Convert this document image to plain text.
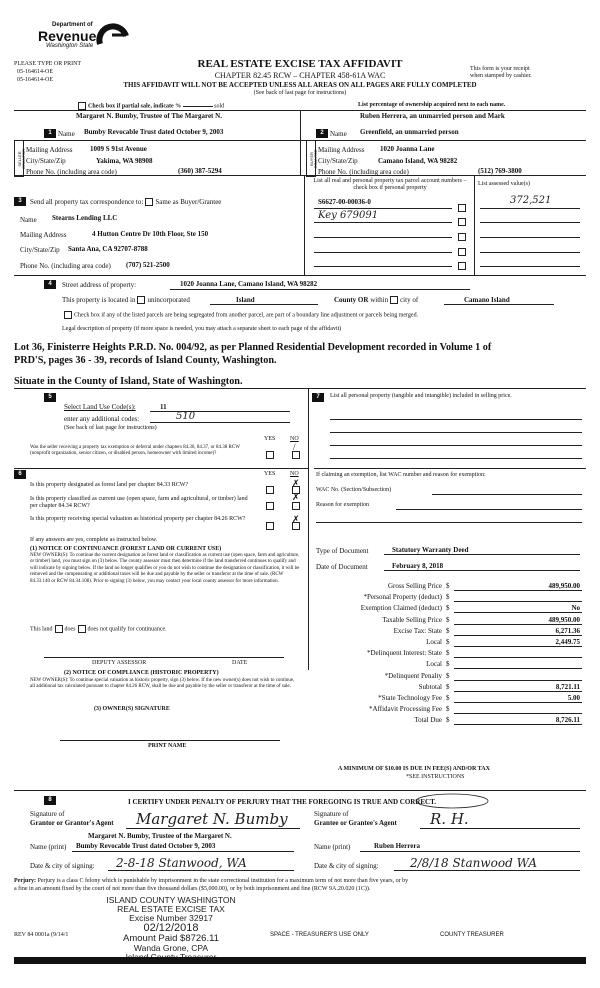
Department of
Revenue
Washington State
PLEASE TYPE OR PRINT
05-164614-OE
05-164614-OE
REAL ESTATE EXCISE TAX AFFIDAVIT
CHAPTER 82.45 RCW – CHAPTER 458-61A WAC
THIS AFFIDAVIT WILL NOT BE ACCEPTED UNLESS ALL AREAS ON ALL PAGES ARE FULLY COMPLETED
(See back of last page for instructions)
This form is your receipt
when stamped by cashier.
Check box if partial sale, indicate %	sold	List percentage of ownership acquired next to each name.
SELLER GRANTOR
1 Name
Margaret N. Bumby, Trustee of The Margaret N.
Bumby Revocable Trust dated October 9, 2003
Mailing Address	1009 S 91st Avenue
City/State/Zip	Yakima, WA 98908
Phone No. (including area code)	(360) 387-5294
BUYER GRANTEE
2 Name
Ruben Herrera, an unmarried person and Mark
Greenfield, an unmarried person
Mailing Address 1020 Joanna Lane
City/State/Zip	Camano Island, WA 98282
Phone No. (including area code)	(512) 769-3800
3	Send all property tax correspondence to: Same as Buyer/Grantee
Name Stearns Lending LLC
Mailing Address	4 Hutton Centre Dr 10th Floor, Ste 150
City/State/Zip Santa Ana, CA 92707-8788
Phone No. (including area code) (707) 521-2500
List all real and personal property tax parcel account numbers – check box if personal property
List assessed value(s)
S6627-00-00036-0	372,521
Key 679091
4	Street address of property:	1020 Joanna Lane, Camano Island, WA 98282
This property is located in unincorporated	Island	County OR within city of	Camano Island
Check box if any of the listed parcels are being segregated from another parcel, are part of a boundary line adjustment or parcels being merged.
Legal description of property (if more space is needed, you may attach a separate sheet to each page of the affidavit)
Lot 36, Finisterre Heights P.R.D. No. 004/92, as per Planned Residential Development recorded in Volume 1 of
PRD'S, pages 36 - 39, records of Island County, Washington.
Situate in the County of Island, State of Washington.
5
Select Land Use Code(s):	11
enter any additional codes:	510
(See back of last page for instructions)
YES NO
Was the seller receiving a property tax exemption or deferral under chapters 84.36, 84.37, or 84.38 RCW (nonprofit organization, senior citizen, or disabled person, homeowner with limited income)?
/
6	YES NO
Is this property designated as forest land per chapter 84.33 RCW?	✗
Is this property classified as current use (open space, farm and agricultural, or timber) land per chapter 84.34 RCW?
✗
Is this property receiving special valuation as historical property per chapter 84.26 RCW?	✗
If any answers are yes, complete as instructed below.
(1) NOTICE OF CONTINUANCE (FOREST LAND OR CURRENT USE)
NEW OWNER(S): To continue the current designation as forest land or classification as current use (open space, farm and agriculture, or timber) land, you must sign on (3) below. The county assessor must then determine if the land transferred continues to qualify and will indicate by signing below. If the land no longer qualifies or you do not wish to continue the designation or classification, it will be removed and the compensating or additional taxes will be due and payable by the seller or transferor at the time of sale. (RCW 84.33.140 or RCW 84.34.108). Prior to signing (3) below, you may contact your local county assessor for more information.
This land does does not qualify for continuance.
DEPUTY ASSESSOR	DATE
(2) NOTICE OF COMPLIANCE (HISTORIC PROPERTY)
NEW OWNER(S): To continue special valuation as historic property, sign (3) below. If the new owner(s) does not wish to continue, all additional tax calculated pursuant to chapter 84.26 RCW, shall be due and payable by the seller or transferor at the time of sale.
(3) OWNER(S) SIGNATURE
PRINT NAME
7	List all personal property (tangible and intangible) included in selling price.
If claiming an exemption, list WAC number and reason for exemption:
WAC No. (Section/Subsection)
Reason for exemption
Type of Document	Statutory Warranty Deed
Date of Document	February 8, 2018
Gross Selling Price $	489,950.00
*Personal Property (deduct) $
Exemption Claimed (deduct) $	No
Taxable Selling Price $	489,950.00
Excise Tax: State $	6,271.36
Local $	2,449.75
*Delinquent Interest: State $
Local $
*Delinquent Penalty $
Subtotal $	8,721.11
*State Technology Fee $	5.00
*Affidavit Processing Fee $
Total Due $	8,726.11
A MINIMUM OF $10.00 IS DUE IN FEE(S) AND/OR TAX
*SEE INSTRUCTIONS
8	I CERTIFY UNDER PENALTY OF PERJURY THAT THE FOREGOING IS TRUE AND CORRECT.
Signature of
Grantor or Grantor's Agent Margaret N. Bumby	Signature of
Grantee or Grantee's Agent R. H.
Margaret N. Bumby, Trustee of the Margaret N.
Name (print) Bumby Revocable Trust dated October 9, 2003	Name (print)	Ruben Herrera
Date & city of signing: 2-8-18 Stanwood, WA	Date & city of signing:	2/8/18 Stanwood WA
Perjury: Perjury is a class C felony which is punishable by imprisonment in the state correctional institution for a maximum term of not more than five years, or by
a fine in an amount fixed by the court of not more than five thousand dollars ($5,000.00), or by both imprisonment and fine (RCW 9A.20.020 (1C)).
ISLAND COUNTY WASHINGTON
REAL ESTATE EXCISE TAX
Excise Number 32917
02/12/2018
Amount Paid $8726.11
Wanda Grone, CPA
REV 84 0001a (9/14/1	SPACE - TREASURER'S USE ONLY	COUNTY TREASURER
